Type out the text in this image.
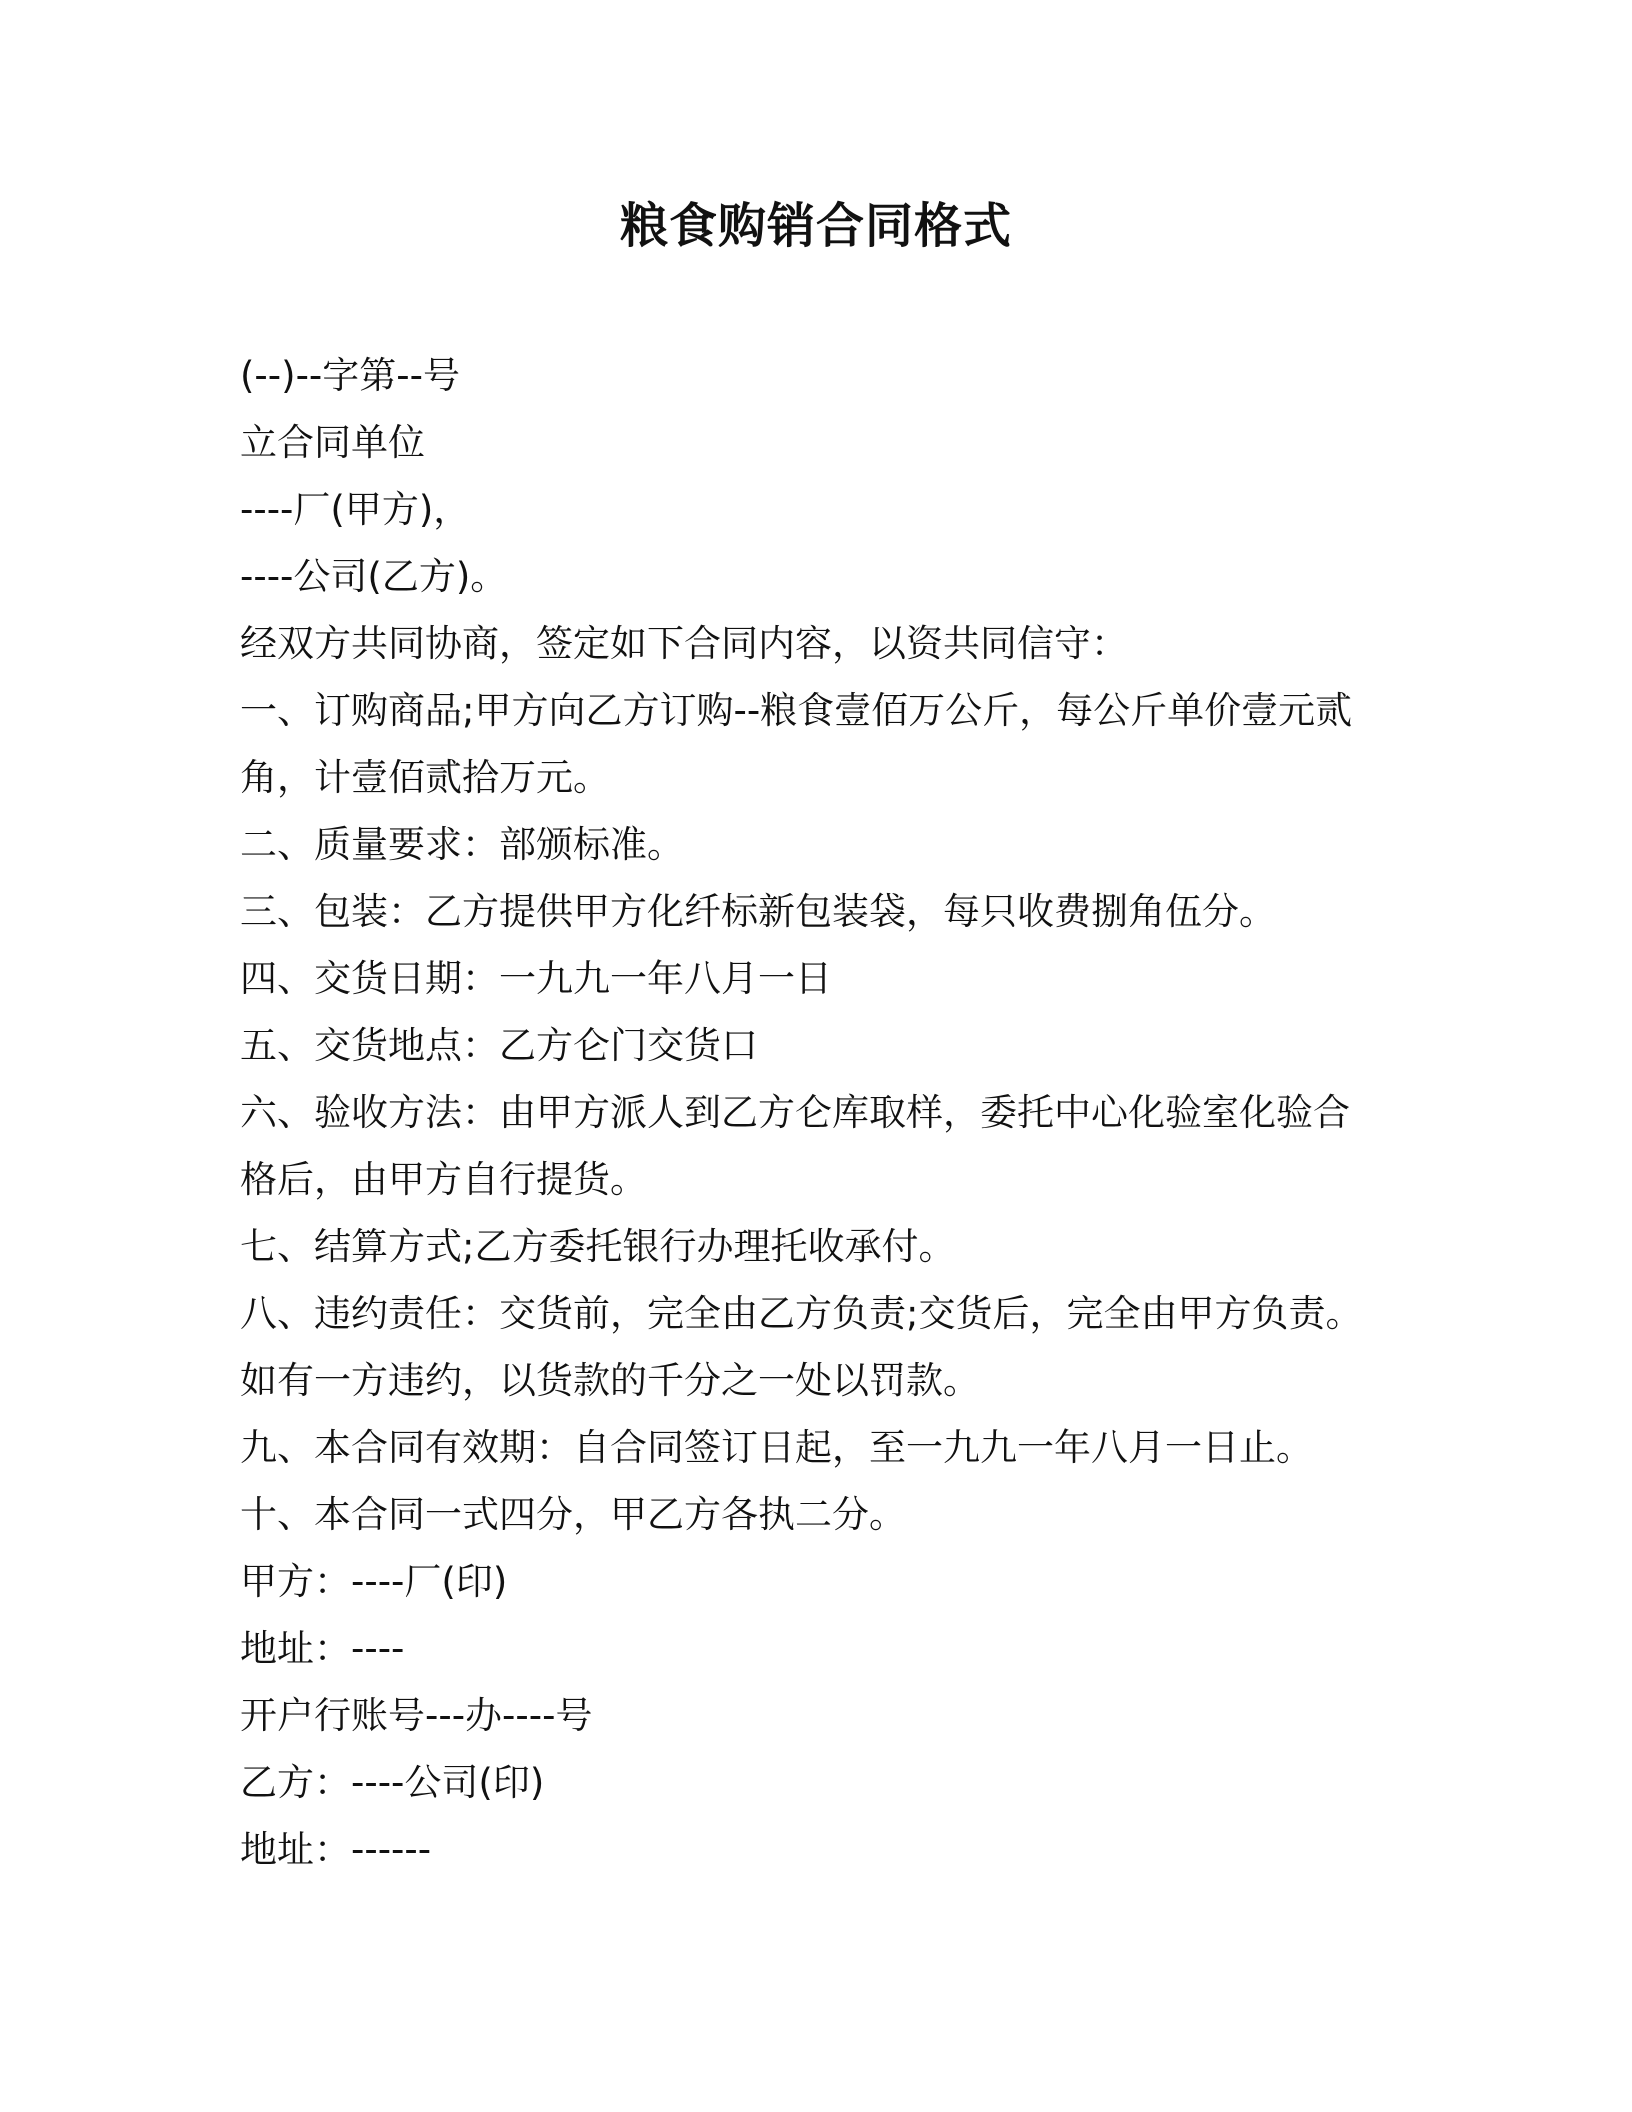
粮食购销合同格式

(--)--字第--号

立合同单位

----厂(甲方)，

----公司(乙方)。

经双方共同协商，签定如下合同内容，以资共同信守：

一、订购商品;甲方向乙方订购--粮食壹佰万公斤，每公斤单价壹元贰

角，计壹佰贰拾万元。

二、质量要求：部颁标准。

三、包装：乙方提供甲方化纤标新包装袋，每只收费捌角伍分。

四、交货日期：一九九一年八月一日

五、交货地点：乙方仑门交货口

六、验收方法：由甲方派人到乙方仑库取样，委托中心化验室化验合

格后，由甲方自行提货。

七、结算方式;乙方委托银行办理托收承付。

八、违约责任：交货前，完全由乙方负责;交货后，完全由甲方负责。

如有一方违约，以货款的千分之一处以罚款。

九、本合同有效期：自合同签订日起，至一九九一年八月一日止。

十、本合同一式四分，甲乙方各执二分。

甲方：----厂(印)

地址：----

开户行账号---办----号

乙方：----公司(印)

地址：------
